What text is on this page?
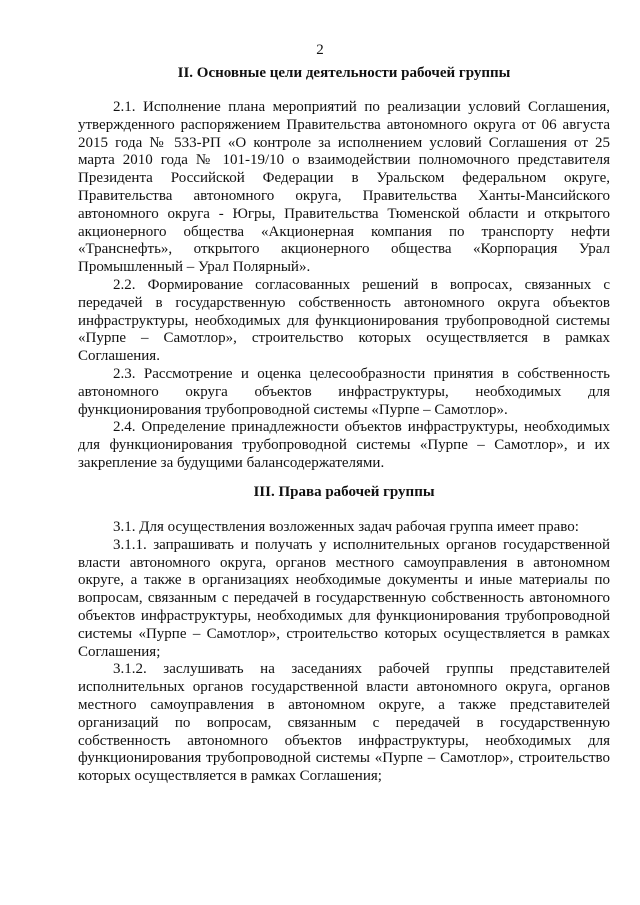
2
II. Основные цели деятельности рабочей группы

2.1. Исполнение плана мероприятий по реализации условий Соглашения, утвержденного распоряжением Правительства автономного округа от 06 августа 2015 года № 533-РП «О контроле за исполнением условий Соглашения от 25 марта 2010 года № 101-19/10 о взаимодействии полномочного представителя Президента Российской Федерации в Уральском федеральном округе, Правительства автономного округа, Правительства Ханты-Мансийского автономного округа - Югры, Правительства Тюменской области и открытого акционерного общества «Акционерная компания по транспорту нефти «Транснефть», открытого акционерного общества «Корпорация Урал Промышленный – Урал Полярный».

2.2. Формирование согласованных решений в вопросах, связанных с передачей в государственную собственность автономного округа объектов инфраструктуры, необходимых для функционирования трубопроводной системы «Пурпе – Самотлор», строительство которых осуществляется в рамках Соглашения.

2.3. Рассмотрение и оценка целесообразности принятия в собственность автономного округа объектов инфраструктуры, необходимых для функционирования трубопроводной системы «Пурпе – Самотлор».

2.4. Определение принадлежности объектов инфраструктуры, необходимых для функционирования трубопроводной системы «Пурпе – Самотлор», и их закрепление за будущими балансодержателями.

III. Права рабочей группы

3.1. Для осуществления возложенных задач рабочая группа имеет право:

3.1.1. запрашивать и получать у исполнительных органов государственной власти автономного округа, органов местного самоуправления в автономном округе, а также в организациях необходимые документы и иные материалы по вопросам, связанным с передачей в государственную собственность автономного объектов инфраструктуры, необходимых для функционирования трубопроводной системы «Пурпе – Самотлор», строительство которых осуществляется в рамках Соглашения;

3.1.2. заслушивать на заседаниях рабочей группы представителей исполнительных органов государственной власти автономного округа, органов местного самоуправления в автономном округе, а также представителей организаций по вопросам, связанным с передачей в государственную собственность автономного объектов инфраструктуры, необходимых для функционирования трубопроводной системы «Пурпе – Самотлор», строительство которых осуществляется в рамках Соглашения;
